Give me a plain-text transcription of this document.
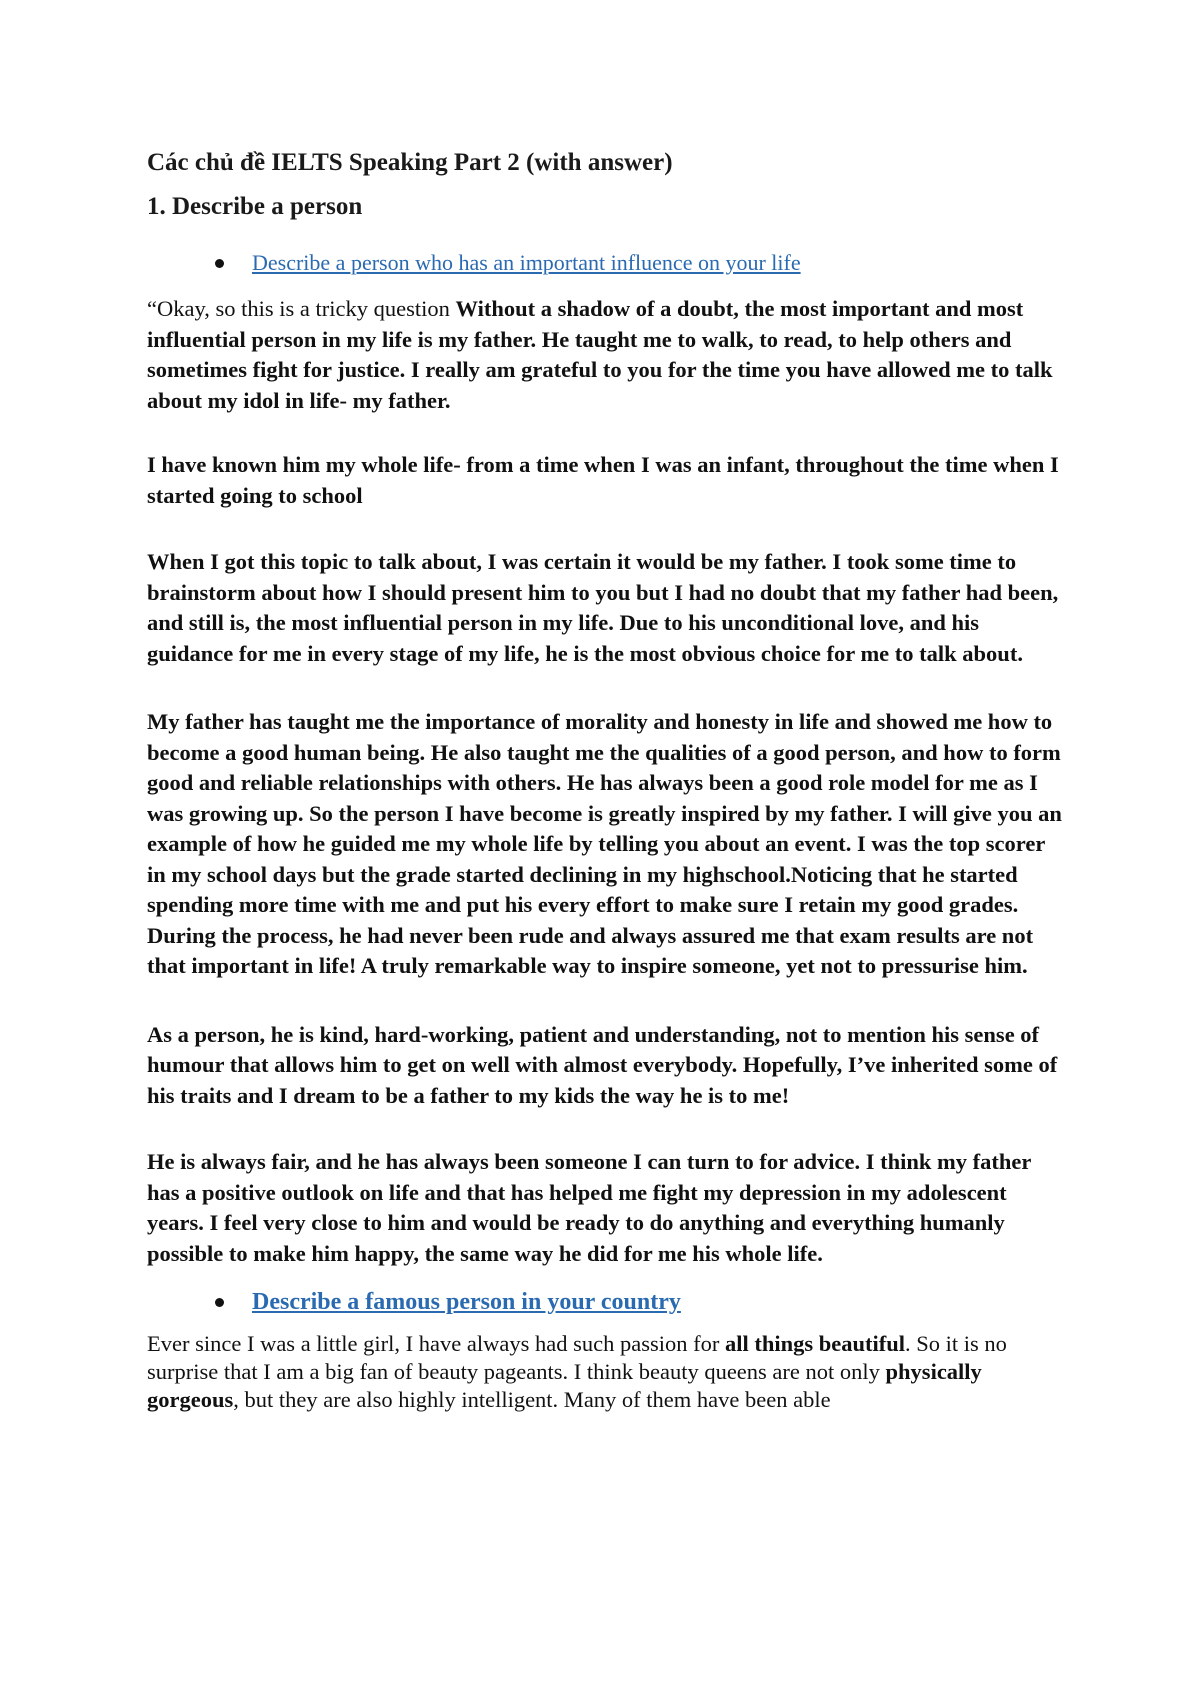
Các chủ đề IELTS Speaking Part 2 (with answer)
1. Describe a person
Describe a person who has an important influence on your life

“Okay, so this is a tricky question Without a shadow of a doubt, the most important and most influential person in my life is my father. He taught me to walk, to read, to help others and sometimes fight for justice. I really am grateful to you for the time you have allowed me to talk about my idol in life- my father.

I have known him my whole life- from a time when I was an infant, throughout the time when I started going to school

When I got this topic to talk about, I was certain it would be my father. I took some time to brainstorm about how I should present him to you but I had no doubt that my father had been, and still is, the most influential person in my life. Due to his unconditional love, and his guidance for me in every stage of my life, he is the most obvious choice for me to talk about.

My father has taught me the importance of morality and honesty in life and showed me how to become a good human being. He also taught me the qualities of a good person, and how to form good and reliable relationships with others. He has always been a good role model for me as I was growing up. So the person I have become is greatly inspired by my father. I will give you an example of how he guided me my whole life by telling you about an event. I was the top scorer in my school days but the grade started declining in my highschool.Noticing that he started spending more time with me and put his every effort to make sure I retain my good grades. During the process, he had never been rude and always assured me that exam results are not that important in life! A truly remarkable way to inspire someone, yet not to pressurise him.

As a person, he is kind, hard-working, patient and understanding, not to mention his sense of humour that allows him to get on well with almost everybody. Hopefully, I’ve inherited some of his traits and I dream to be a father to my kids the way he is to me!

He is always fair, and he has always been someone I can turn to for advice. I think my father has a positive outlook on life and that has helped me fight my depression in my adolescent years. I feel very close to him and would be ready to do anything and everything humanly possible to make him happy, the same way he did for me his whole life.

Describe a famous person in your country

Ever since I was a little girl, I have always had such passion for all things beautiful. So it is no surprise that I am a big fan of beauty pageants. I think beauty queens are not only physically gorgeous, but they are also highly intelligent. Many of them have been able
